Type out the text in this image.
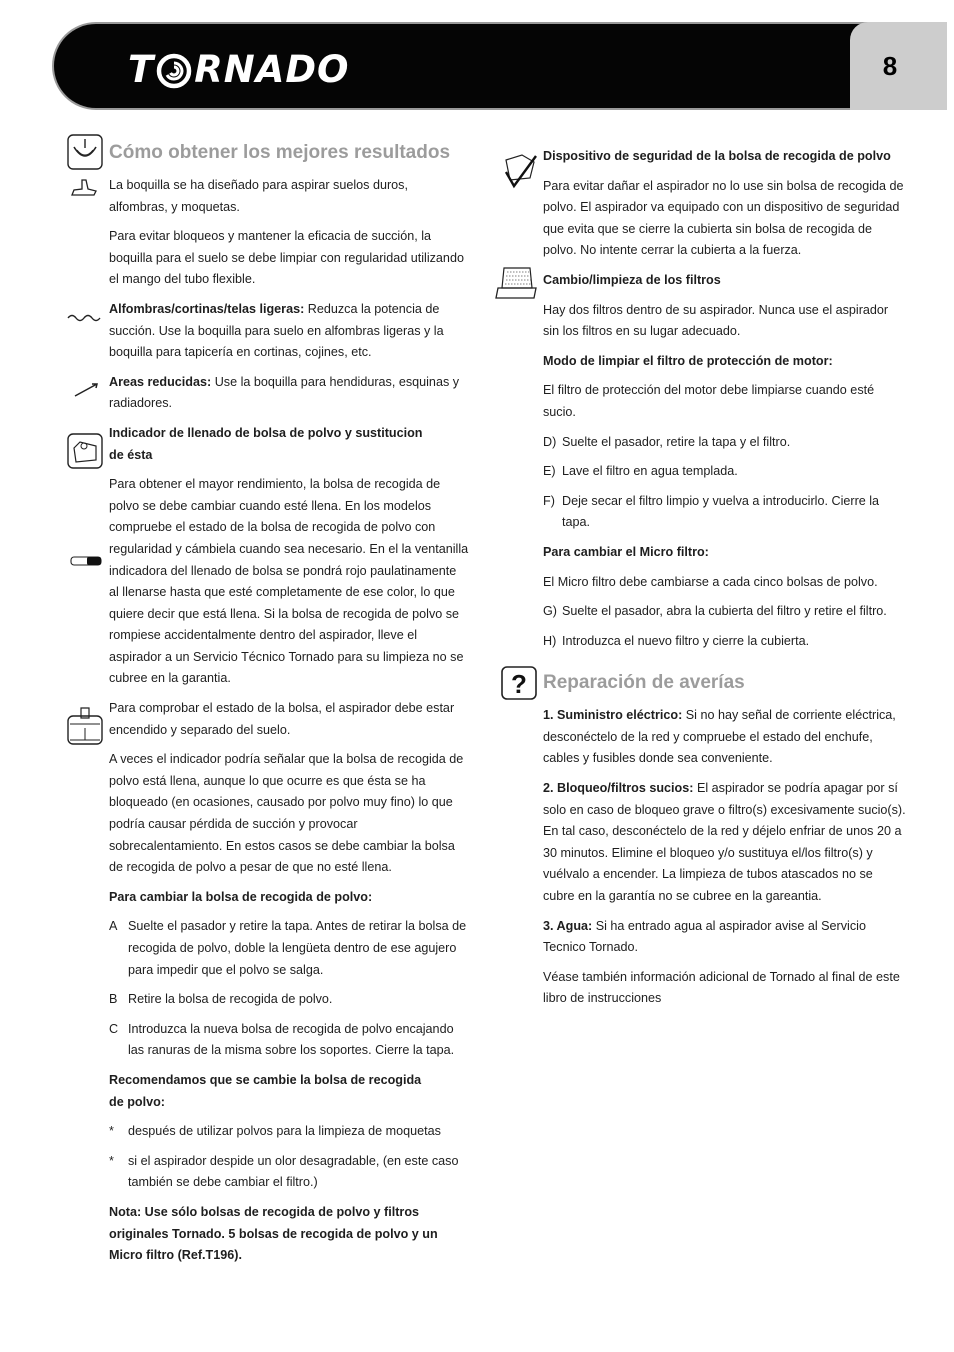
T RNADO	8
?
Cómo obtener los mejores resultados

La boquilla se ha diseñado para aspirar suelos duros, alfombras, y moquetas.

Para evitar bloqueos y mantener la eficacia de succión, la boquilla para el suelo se debe limpiar con regularidad utilizando el mango del tubo flexible.

Alfombras/cortinas/telas ligeras: Reduzca la potencia de succión. Use la boquilla para suelo en alfombras ligeras y la boquilla para tapicería en cortinas, cojines, etc.

Areas reducidas: Use la boquilla para hendiduras, esquinas y radiadores.

Indicador de llenado de bolsa de polvo y sustitucion de ésta

Para obtener el mayor rendimiento, la bolsa de recogida de polvo se debe cambiar cuando esté llena. En los modelos compruebe el estado de la bolsa de recogida de polvo con regularidad y cámbiela cuando sea necesario. En el la ventanilla indicadora del llenado de bolsa se pondrá rojo paulatinamente al llenarse hasta que esté completamente de ese color, lo que quiere decir que está llena. Si la bolsa de recogida de polvo se rompiese accidentalmente dentro del aspirador, lleve el aspirador a un Servicio Técnico Tornado para su limpieza no se cubree en la garantia.

Para comprobar el estado de la bolsa, el aspirador debe estar encendido y separado del suelo.

A veces el indicador podría señalar que la bolsa de recogida de polvo está llena, aunque lo que ocurre es que ésta se ha bloqueado (en ocasiones, causado por polvo muy fino) lo que podría causar pérdida de succión y provocar sobrecalentamiento. En estos casos se debe cambiar la bolsa de recogida de polvo a pesar de que no esté llena.

Para cambiar la bolsa de recogida de polvo:

A Suelte el pasador y retire la tapa. Antes de retirar la bolsa de recogida de polvo, doble la lengüeta dentro de ese agujero para impedir que el polvo se salga.
B Retire la bolsa de recogida de polvo.
C Introduzca la nueva bolsa de recogida de polvo encajando las ranuras de la misma sobre los soportes. Cierre la tapa.

Recomendamos que se cambie la bolsa de recogida de polvo:

* después de utilizar polvos para la limpieza de moquetas
* si el aspirador despide un olor desagradable, (en este caso también se debe cambiar el filtro.)

Nota: Use sólo bolsas de recogida de polvo y filtros originales Tornado. 5 bolsas de recogida de polvo y un Micro filtro (Ref.T196).

Dispositivo de seguridad de la bolsa de recogida de polvo

Para evitar dañar el aspirador no lo use sin bolsa de recogida de polvo. El aspirador va equipado con un dispositivo de seguridad que evita que se cierre la cubierta sin bolsa de recogida de polvo. No intente cerrar la cubierta a la fuerza.

Cambio/limpieza de los filtros

Hay dos filtros dentro de su aspirador. Nunca use el aspirador sin los filtros en su lugar adecuado.

Modo de limpiar el filtro de protección de motor:

El filtro de protección del motor debe limpiarse cuando esté sucio.

D) Suelte el pasador, retire la tapa y el filtro.
E) Lave el filtro en agua templada.
F) Deje secar el filtro limpio y vuelva a introducirlo. Cierre la tapa.

Para cambiar el Micro filtro:

El Micro filtro debe cambiarse a cada cinco bolsas de polvo.

G) Suelte el pasador, abra la cubierta del filtro y retire el filtro.
H) Introduzca el nuevo filtro y cierre la cubierta.
Reparación de averías

1. Suministro eléctrico: Si no hay señal de corriente eléctrica, desconéctelo de la red y compruebe el estado del enchufe, cables y fusibles donde sea conveniente.

2. Bloqueo/filtros sucios: El aspirador se podría apagar por sí solo en caso de bloqueo grave o filtro(s) excesivamente sucio(s). En tal caso, desconéctelo de la red y déjelo enfriar de unos 20 a 30 minutos. Elimine el bloqueo y/o sustituya el/los filtro(s) y vuélvalo a encender. La limpieza de tubos atascados no se cubre en la garantía no se cubree en la gareantia.

3. Agua: Si ha entrado agua al aspirador avise al Servicio Tecnico Tornado.

Véase también información adicional de Tornado al final de este libro de instrucciones
